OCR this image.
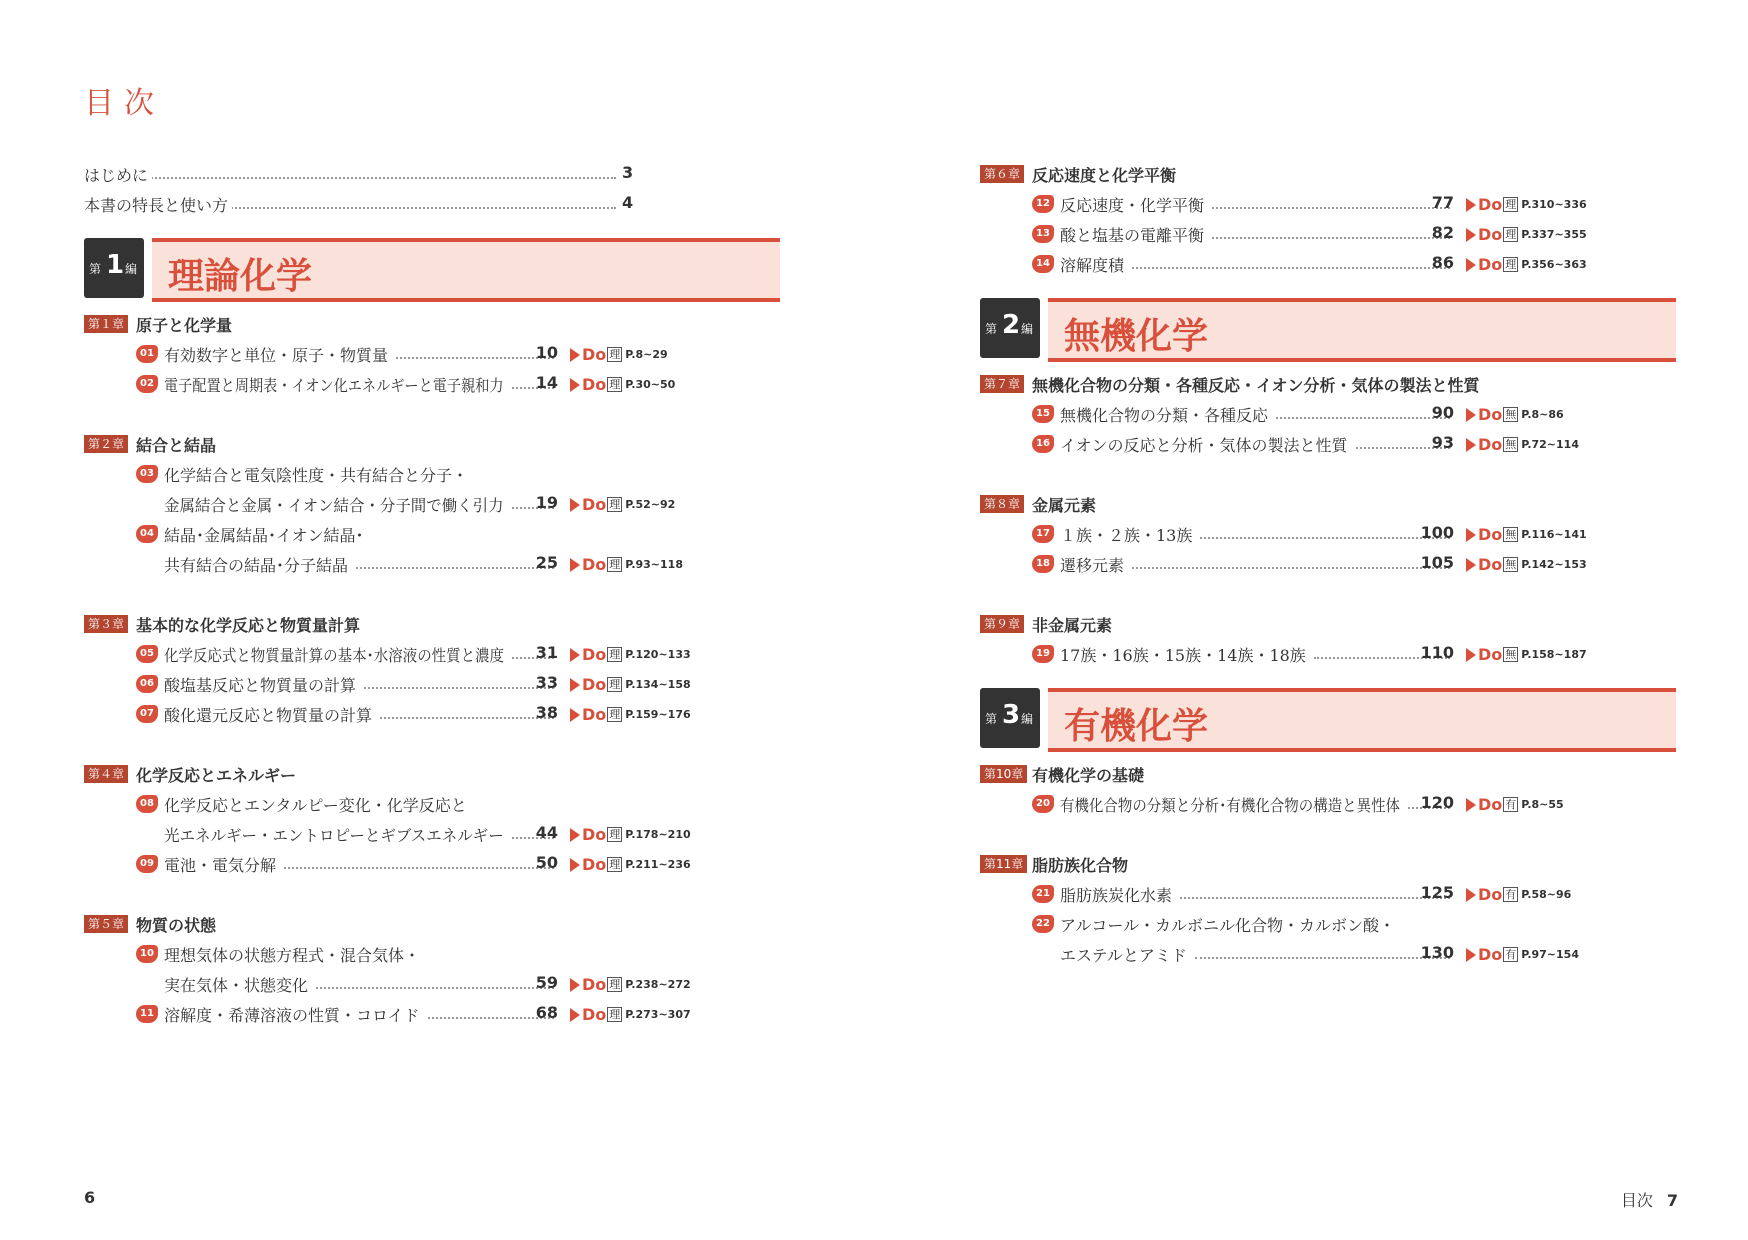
目次
はじめに	3
本書の特長と使い方	4
第 1 編 理論化学
第１章 原子と化学量
01 有効数字と単位・原子・物質量	10	Do 理 P.8~29
02 電子配置と周期表・イオン化エネルギーと電子親和力	14	Do 理 P.30~50
第２章 結合と結晶
03 化学結合と電気陰性度・共有結合と分子・
金属結合と金属・イオン結合・分子間で働く引力	19	Do 理 P.52~92
04 結晶･金属結晶･イオン結晶･
共有結合の結晶･分子結晶	25	Do 理 P.93~118
第３章 基本的な化学反応と物質量計算
05 化学反応式と物質量計算の基本･水溶液の性質と濃度	31	Do 理 P.120~133
06 酸塩基反応と物質量の計算	33	Do 理 P.134~158
07 酸化還元反応と物質量の計算	38	Do 理 P.159~176
第４章 化学反応とエネルギー
08 化学反応とエンタルピー変化・化学反応と
光エネルギー・エントロピーとギブスエネルギー	44	Do 理 P.178~210
09 電池・電気分解	50	Do 理 P.211~236
第５章 物質の状態
10 理想気体の状態方程式・混合気体・
実在気体・状態変化	59	Do 理 P.238~272
11 溶解度・希薄溶液の性質・コロイド	68	Do 理 P.273~307
第６章 反応速度と化学平衡
12 反応速度・化学平衡	77	Do 理 P.310~336
13 酸と塩基の電離平衡	82	Do 理 P.337~355
14 溶解度積	86	Do 理 P.356~363
第 2 編 無機化学
第７章 無機化合物の分類・各種反応・イオン分析・気体の製法と性質
15 無機化合物の分類・各種反応	90	Do 無 P.8~86
16 イオンの反応と分析・気体の製法と性質	93	Do 無 P.72~114
第８章 金属元素
17 １族・２族・13族	100	Do 無 P.116~141
18 遷移元素	105	Do 無 P.142~153
第９章 非金属元素
19 17族・16族・15族・14族・18族	110	Do 無 P.158~187
第 3 編 有機化学
第10章 有機化学の基礎
20 有機化合物の分類と分析･有機化合物の構造と異性体	120	Do 有 P.8~55
第11章 脂肪族化合物
21 脂肪族炭化水素	125	Do 有 P.58~96
22 アルコール・カルボニル化合物・カルボン酸・
エステルとアミド	130	Do 有 P.97~154
6	目次 7
